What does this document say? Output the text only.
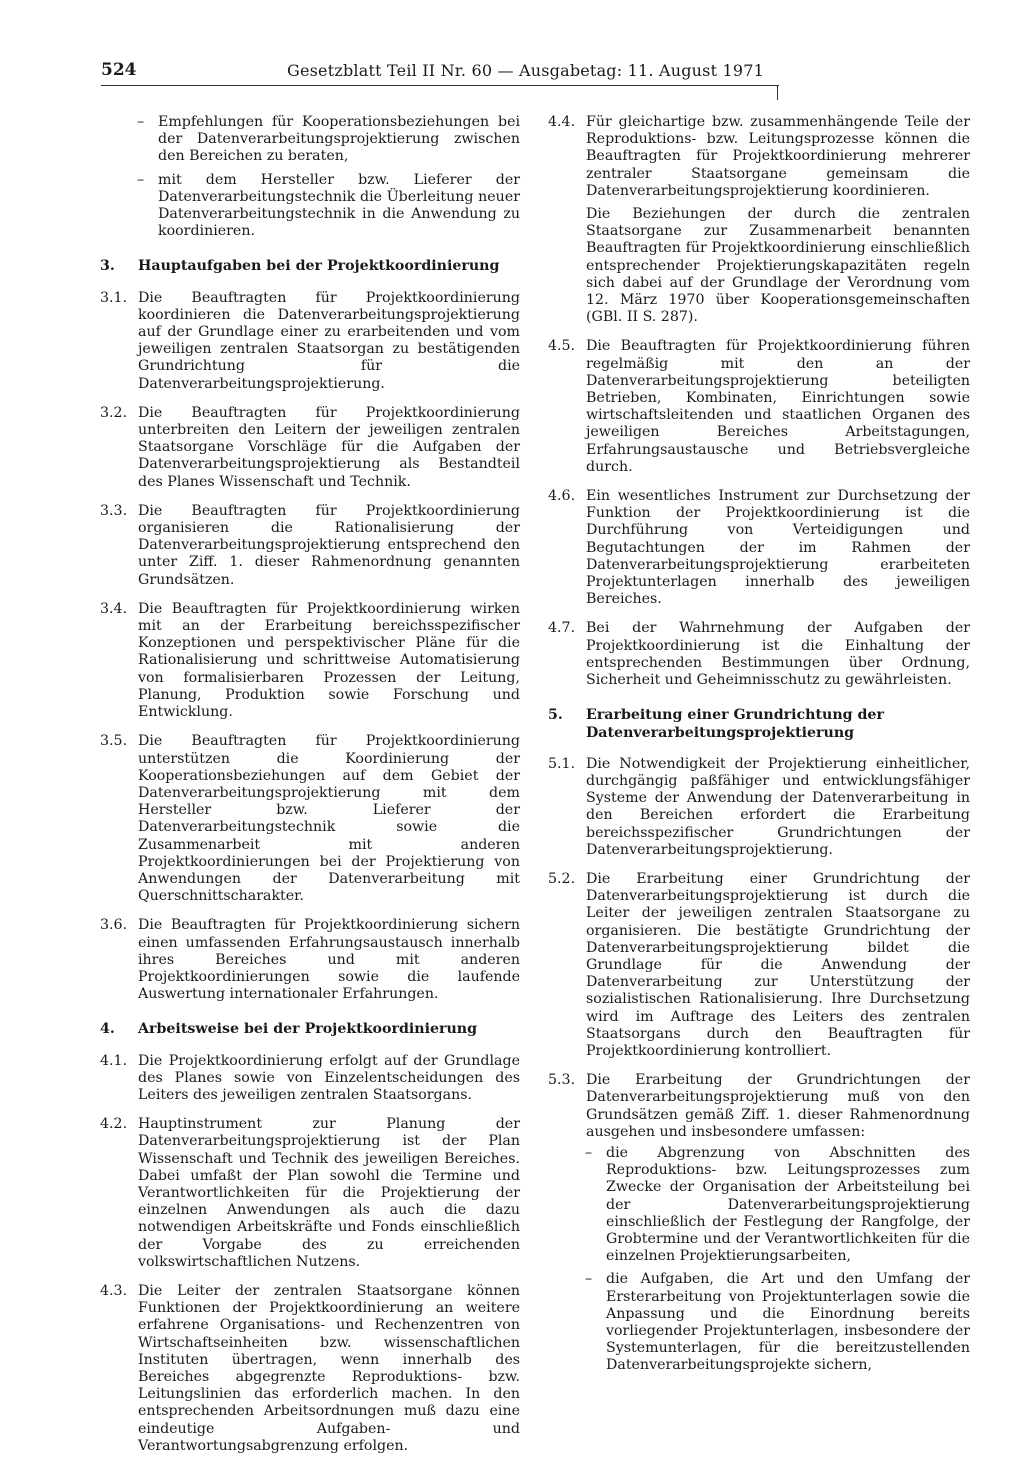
524	Gesetzblatt Teil II Nr. 60 — Ausgabetag: 11. August 1971
– Empfehlungen für Kooperationsbeziehungen bei der Datenverarbeitungsprojektierung zwischen den Bereichen zu beraten,
– mit dem Hersteller bzw. Lieferer der Datenverarbeitungstechnik die Überleitung neuer Datenverarbeitungstechnik in die Anwendung zu koordinieren.
3. Hauptaufgaben bei der Projektkoordinierung
3.1. Die Beauftragten für Projektkoordinierung koordinieren die Datenverarbeitungsprojektierung auf der Grundlage einer zu erarbeitenden und vom jeweiligen zentralen Staatsorgan zu bestätigenden Grundrichtung für die Datenverarbeitungsprojektierung.
3.2. Die Beauftragten für Projektkoordinierung unterbreiten den Leitern der jeweiligen zentralen Staatsorgane Vorschläge für die Aufgaben der Datenverarbeitungsprojektierung als Bestandteil des Planes Wissenschaft und Technik.
3.3. Die Beauftragten für Projektkoordinierung organisieren die Rationalisierung der Datenverarbeitungsprojektierung entsprechend den unter Ziff. 1. dieser Rahmenordnung genannten Grundsätzen.
3.4. Die Beauftragten für Projektkoordinierung wirken mit an der Erarbeitung bereichsspezifischer Konzeptionen und perspektivischer Pläne für die Rationalisierung und schrittweise Automatisierung von formalisierbaren Prozessen der Leitung, Planung, Produktion sowie Forschung und Entwicklung.
3.5. Die Beauftragten für Projektkoordinierung unterstützen die Koordinierung der Kooperationsbeziehungen auf dem Gebiet der Datenverarbeitungsprojektierung mit dem Hersteller bzw. Lieferer der Datenverarbeitungstechnik sowie die Zusammenarbeit mit anderen Projektkoordinierungen bei der Projektierung von Anwendungen der Datenverarbeitung mit Querschnittscharakter.
3.6. Die Beauftragten für Projektkoordinierung sichern einen umfassenden Erfahrungsaustausch innerhalb ihres Bereiches und mit anderen Projektkoordinierungen sowie die laufende Auswertung internationaler Erfahrungen.
4. Arbeitsweise bei der Projektkoordinierung
4.1. Die Projektkoordinierung erfolgt auf der Grundlage des Planes sowie von Einzelentscheidungen des Leiters des jeweiligen zentralen Staatsorgans.
4.2. Hauptinstrument zur Planung der Datenverarbeitungsprojektierung ist der Plan Wissenschaft und Technik des jeweiligen Bereiches. Dabei umfaßt der Plan sowohl die Termine und Verantwortlichkeiten für die Projektierung der einzelnen Anwendungen als auch die dazu notwendigen Arbeitskräfte und Fonds einschließlich der Vorgabe des zu erreichenden volkswirtschaftlichen Nutzens.
4.3. Die Leiter der zentralen Staatsorgane können Funktionen der Projektkoordinierung an weitere erfahrene Organisations- und Rechenzentren von Wirtschaftseinheiten bzw. wissenschaftlichen Instituten übertragen, wenn innerhalb des Bereiches abgegrenzte Reproduktions- bzw. Leitungslinien das erforderlich machen. In den entsprechenden Arbeitsordnungen muß dazu eine eindeutige Aufgaben- und Verantwortungsabgrenzung erfolgen.
4.4. Für gleichartige bzw. zusammenhängende Teile der Reproduktions- bzw. Leitungsprozesse können die Beauftragten für Projektkoordinierung mehrerer zentraler Staatsorgane gemeinsam die Datenverarbeitungsprojektierung koordinieren.
Die Beziehungen der durch die zentralen Staatsorgane zur Zusammenarbeit benannten Beauftragten für Projektkoordinierung einschließlich entsprechender Projektierungskapazitäten regeln sich dabei auf der Grundlage der Verordnung vom 12. März 1970 über Kooperationsgemeinschaften (GBl. II S. 287).
4.5. Die Beauftragten für Projektkoordinierung führen regelmäßig mit den an der Datenverarbeitungsprojektierung beteiligten Betrieben, Kombinaten, Einrichtungen sowie wirtschaftsleitenden und staatlichen Organen des jeweiligen Bereiches Arbeitstagungen, Erfahrungsaustausche und Betriebsvergleiche durch.
4.6. Ein wesentliches Instrument zur Durchsetzung der Funktion der Projektkoordinierung ist die Durchführung von Verteidigungen und Begutachtungen der im Rahmen der Datenverarbeitungsprojektierung erarbeiteten Projektunterlagen innerhalb des jeweiligen Bereiches.
4.7. Bei der Wahrnehmung der Aufgaben der Projektkoordinierung ist die Einhaltung der entsprechenden Bestimmungen über Ordnung, Sicherheit und Geheimnisschutz zu gewährleisten.
5. Erarbeitung einer Grundrichtung der Datenverarbeitungsprojektierung
5.1. Die Notwendigkeit der Projektierung einheitlicher, durchgängig paßfähiger und entwicklungsfähiger Systeme der Anwendung der Datenverarbeitung in den Bereichen erfordert die Erarbeitung bereichsspezifischer Grundrichtungen der Datenverarbeitungsprojektierung.
5.2. Die Erarbeitung einer Grundrichtung der Datenverarbeitungsprojektierung ist durch die Leiter der jeweiligen zentralen Staatsorgane zu organisieren. Die bestätigte Grundrichtung der Datenverarbeitungsprojektierung bildet die Grundlage für die Anwendung der Datenverarbeitung zur Unterstützung der sozialistischen Rationalisierung. Ihre Durchsetzung wird im Auftrage des Leiters des zentralen Staatsorgans durch den Beauftragten für Projektkoordinierung kontrolliert.
5.3. Die Erarbeitung der Grundrichtungen der Datenverarbeitungsprojektierung muß von den Grundsätzen gemäß Ziff. 1. dieser Rahmenordnung ausgehen und insbesondere umfassen:
– die Abgrenzung von Abschnitten des Reproduktions- bzw. Leitungsprozesses zum Zwecke der Organisation der Arbeitsteilung bei der Datenverarbeitungsprojektierung einschließlich der Festlegung der Rangfolge, der Grobtermine und der Verantwortlichkeiten für die einzelnen Projektierungsarbeiten,
– die Aufgaben, die Art und den Umfang der Ersterarbeitung von Projektunterlagen sowie die Anpassung und die Einordnung bereits vorliegender Projektunterlagen, insbesondere der Systemunterlagen, für die bereitzustellenden Datenverarbeitungsprojekte sichern,
